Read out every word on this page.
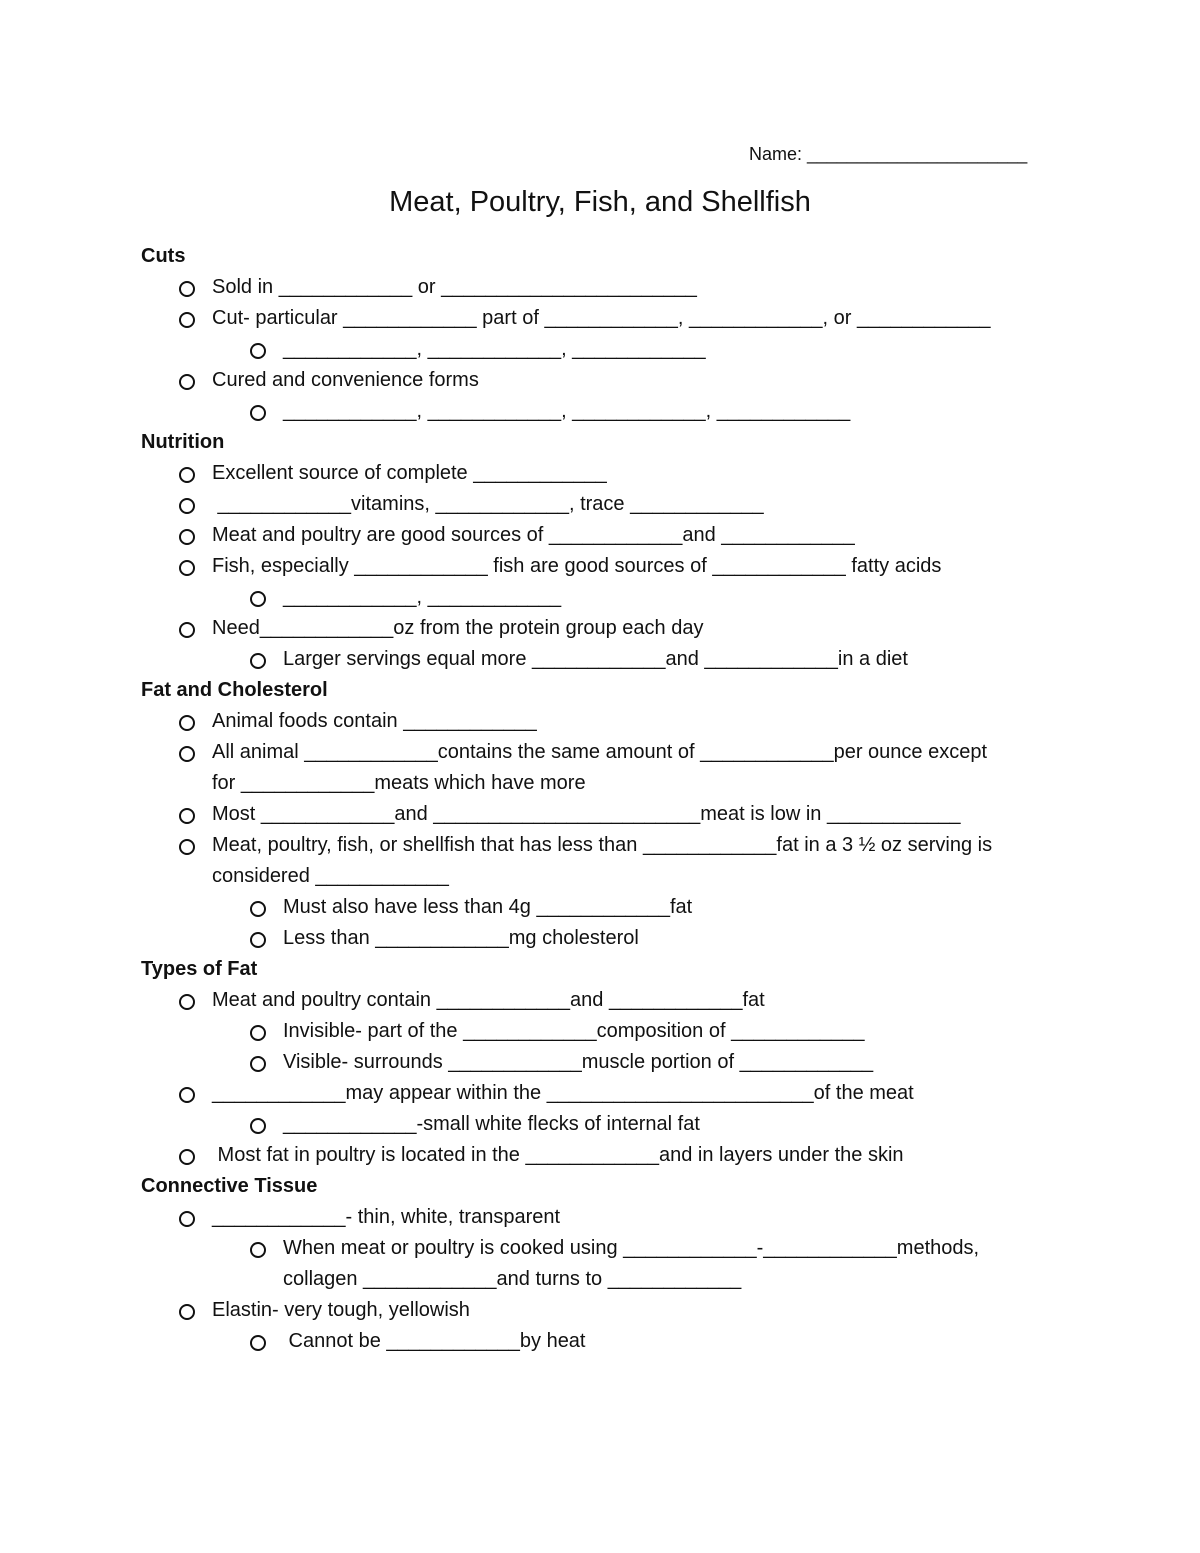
Name: ______________________
Meat, Poultry, Fish, and Shellfish
Cuts
Sold in ____________ or _______________________
Cut- particular ____________ part of ____________, ____________, or ____________
____________, ____________, ____________
Cured and convenience forms
____________, ____________, ____________, ____________
Nutrition
Excellent source of complete ____________
____________vitamins, ____________, trace ____________
Meat and poultry are good sources of ____________and ____________
Fish, especially ____________ fish are good sources of ____________ fatty acids
____________, ____________
Need____________oz from the protein group each day
Larger servings equal more ____________and ____________in a diet
Fat and Cholesterol
Animal foods contain ____________
All animal ____________contains the same amount of ____________per ounce except
for ____________meats which have more
Most ____________and ________________________meat is low in ____________
Meat, poultry, fish, or shellfish that has less than ____________fat in a 3 ½ oz serving is
considered ____________
Must also have less than 4g ____________fat
Less than ____________mg cholesterol
Types of Fat
Meat and poultry contain ____________and ____________fat
Invisible- part of the ____________composition of ____________
Visible- surrounds ____________muscle portion of ____________
____________may appear within the ________________________of the meat
____________-small white flecks of internal fat
Most fat in poultry is located in the ____________and in layers under the skin
Connective Tissue
____________- thin, white, transparent
When meat or poultry is cooked using ____________-____________methods,
collagen ____________and turns to ____________
Elastin- very tough, yellowish
Cannot be ____________by heat
